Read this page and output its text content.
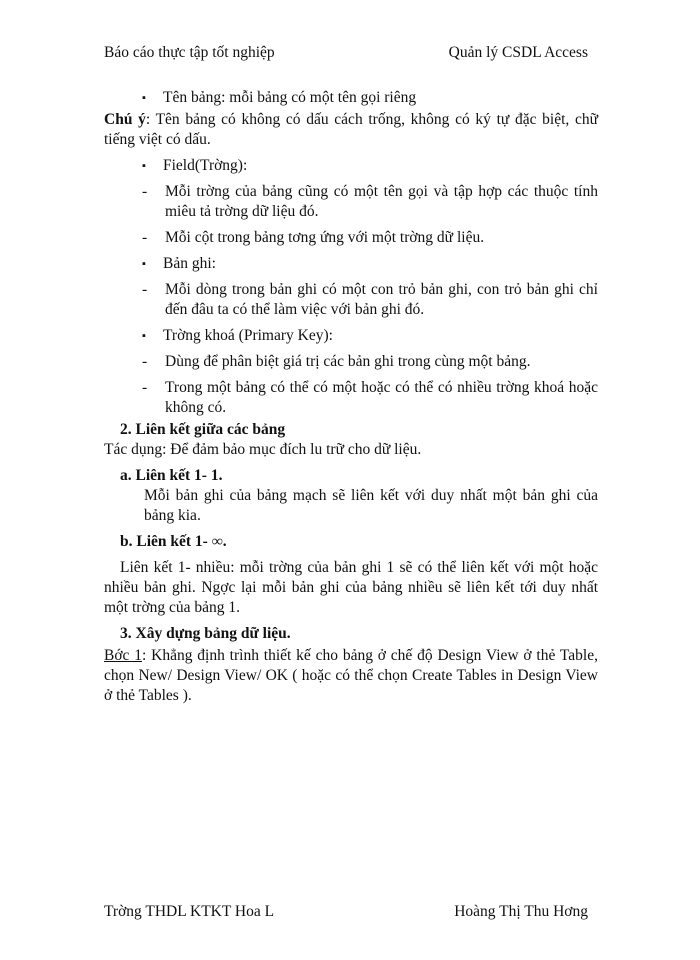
Báo cáo thực tập tốt nghiệp	Quản lý CSDL Access
▪	Tên bảng: mỗi bảng có một tên gọi riêng

Chú ý: Tên bảng có không có dấu cách trống, không có ký tự đặc biệt, chữ tiếng việt có dấu.

▪	Field(Trờng):
-	Mỗi trờng của bảng cũng có một tên gọi và tập hợp các thuộc tính miêu tả trờng dữ liệu đó.
-	Mỗi cột trong bảng tơng ứng với một trờng dữ liệu.
▪	Bản ghi:
-	Mỗi dòng trong bản ghi có một con trỏ bản ghi, con trỏ bản ghi chỉ đến đâu ta có thể làm việc với bản ghi đó.
▪	Trờng khoá (Primary Key):
-	Dùng để phân biệt giá trị các bản ghi trong cùng một bảng.
-	Trong một bảng có thể có một hoặc có thể có nhiều trờng khoá hoặc không có.
2. Liên kết giữa các bảng

Tác dụng: Để đảm bảo mục đích lu trữ cho dữ liệu.

a. Liên kết 1- 1.

Mỗi bản ghi của bảng mạch sẽ liên kết với duy nhất một bản ghi của bảng kia.

b. Liên kết 1- ∞.

Liên kết 1- nhiều: mỗi trờng của bản ghi 1 sẽ có thể liên kết với một hoặc nhiều bản ghi. Ngợc lại mỗi bản ghi của bảng nhiều sẽ liên kết tới duy nhất một trờng của bảng 1.

3. Xây dựng bảng dữ liệu.

Bớc 1: Khẳng định trình thiết kế cho bảng ở chế độ Design View ở thẻ Table, chọn New/ Design View/ OK ( hoặc có thể chọn Create Tables in Design View ở thẻ Tables ).

Trờng THDL KTKT Hoa L	Hoàng Thị Thu Hơng
